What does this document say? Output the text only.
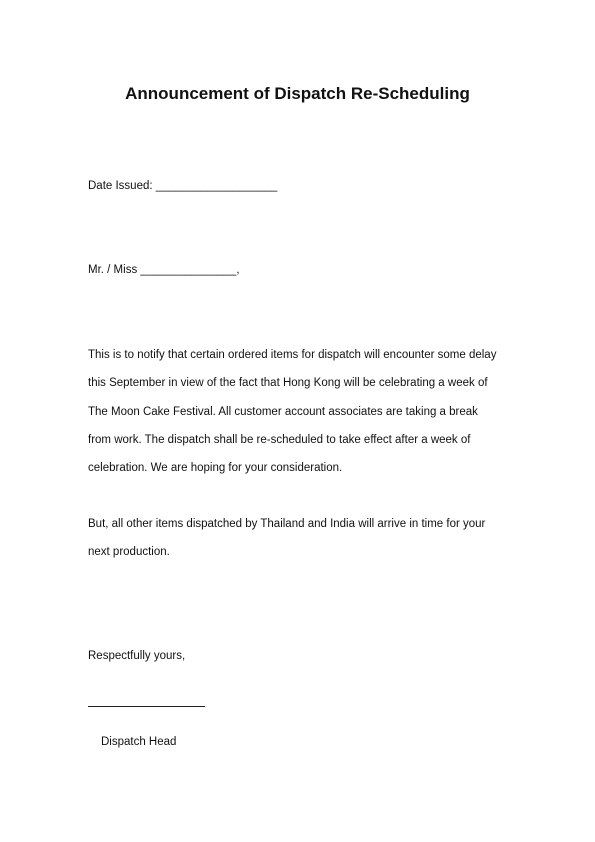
Announcement of Dispatch Re-Scheduling
Date Issued: ___________________
Mr. / Miss _______________,
This is to notify that certain ordered items for dispatch will encounter some delay
this September in view of the fact that Hong Kong will be celebrating a week of
The Moon Cake Festival. All customer account associates are taking a break
from work. The dispatch shall be re-scheduled to take effect after a week of
celebration. We are hoping for your consideration.
But, all other items dispatched by Thailand and India will arrive in time for your
next production.
Respectfully yours,
Dispatch Head
